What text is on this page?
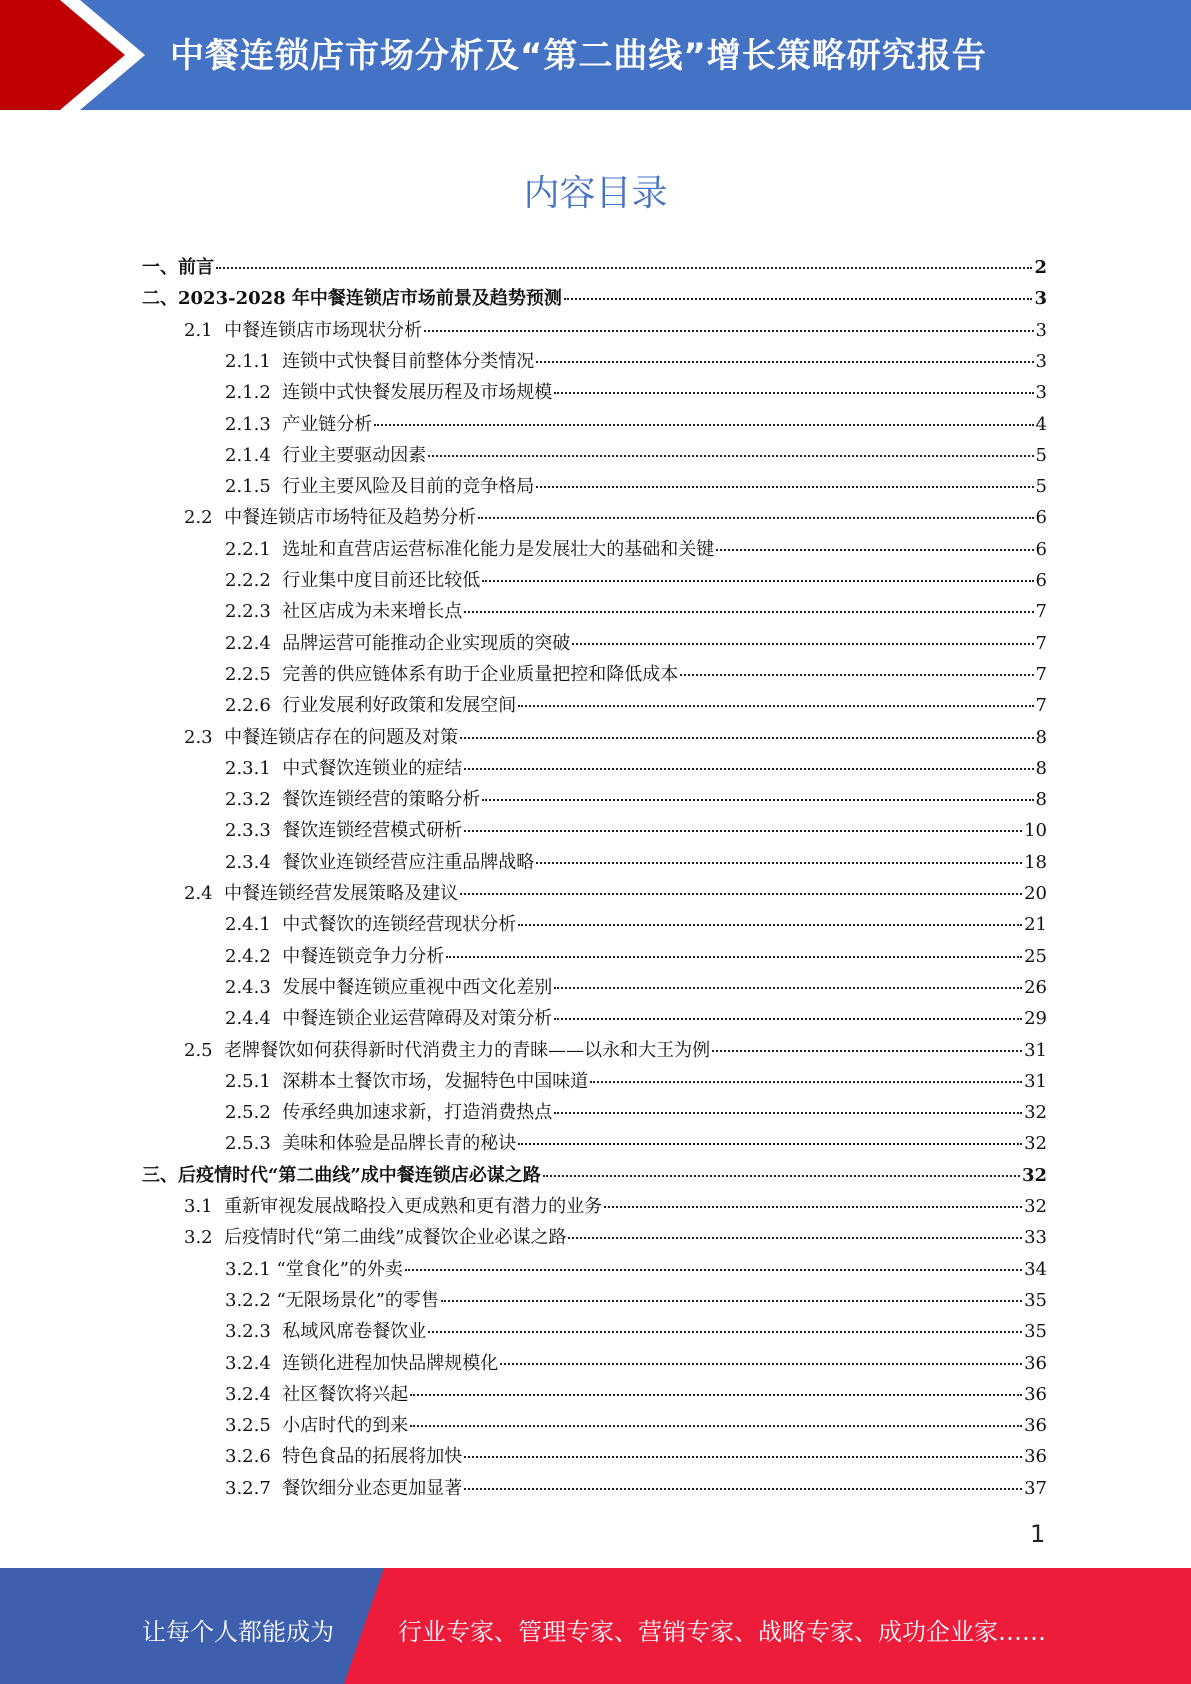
中餐连锁店市场分析及“第二曲线”增长策略研究报告
内容目录
一、 前言	2
二、 2023-2028 年中餐连锁店市场前景及趋势预测	3
2.1 中餐连锁店市场现状分析	3
2.1.1 连锁中式快餐目前整体分类情况	3
2.1.2 连锁中式快餐发展历程及市场规模	3
2.1.3 产业链分析	4
2.1.4 行业主要驱动因素	5
2.1.5 行业主要风险及目前的竞争格局	5
2.2 中餐连锁店市场特征及趋势分析	6
2.2.1 选址和直营店运营标准化能力是发展壮大的基础和关键	6
2.2.2 行业集中度目前还比较低	6
2.2.3 社区店成为未来增长点	7
2.2.4 品牌运营可能推动企业实现质的突破	7
2.2.5 完善的供应链体系有助于企业质量把控和降低成本	7
2.2.6 行业发展利好政策和发展空间	7
2.3 中餐连锁店存在的问题及对策	8
2.3.1 中式餐饮连锁业的症结	8
2.3.2 餐饮连锁经营的策略分析	8
2.3.3 餐饮连锁经营模式研析	10
2.3.4 餐饮业连锁经营应注重品牌战略	18
2.4 中餐连锁经营发展策略及建议	20
2.4.1 中式餐饮的连锁经营现状分析	21
2.4.2 中餐连锁竞争力分析	25
2.4.3 发展中餐连锁应重视中西文化差别	26
2.4.4 中餐连锁企业运营障碍及对策分析	29
2.5 老牌餐饮如何获得新时代消费主力的青睐——以永和大王为例	31
2.5.1 深耕本土餐饮市场，发掘特色中国味道	31
2.5.2 传承经典加速求新，打造消费热点	32
2.5.3 美味和体验是品牌长青的秘诀	32
三、 后疫情时代“第二曲线”成中餐连锁店必谋之路	32
3.1 重新审视发展战略投入更成熟和更有潜力的业务	32
3.2 后疫情时代“第二曲线”成餐饮企业必谋之路	33
3.2.1 “堂食化”的外卖	34
3.2.2 “无限场景化”的零售	35
3.2.3 私域风席卷餐饮业	35
3.2.4 连锁化进程加快品牌规模化	36
3.2.4 社区餐饮将兴起	36
3.2.5 小店时代的到来	36
3.2.6 特色食品的拓展将加快	36
3.2.7 餐饮细分业态更加显著	37
1
让每个人都能成为	行业专家、管理专家、营销专家、战略专家、成功企业家……
